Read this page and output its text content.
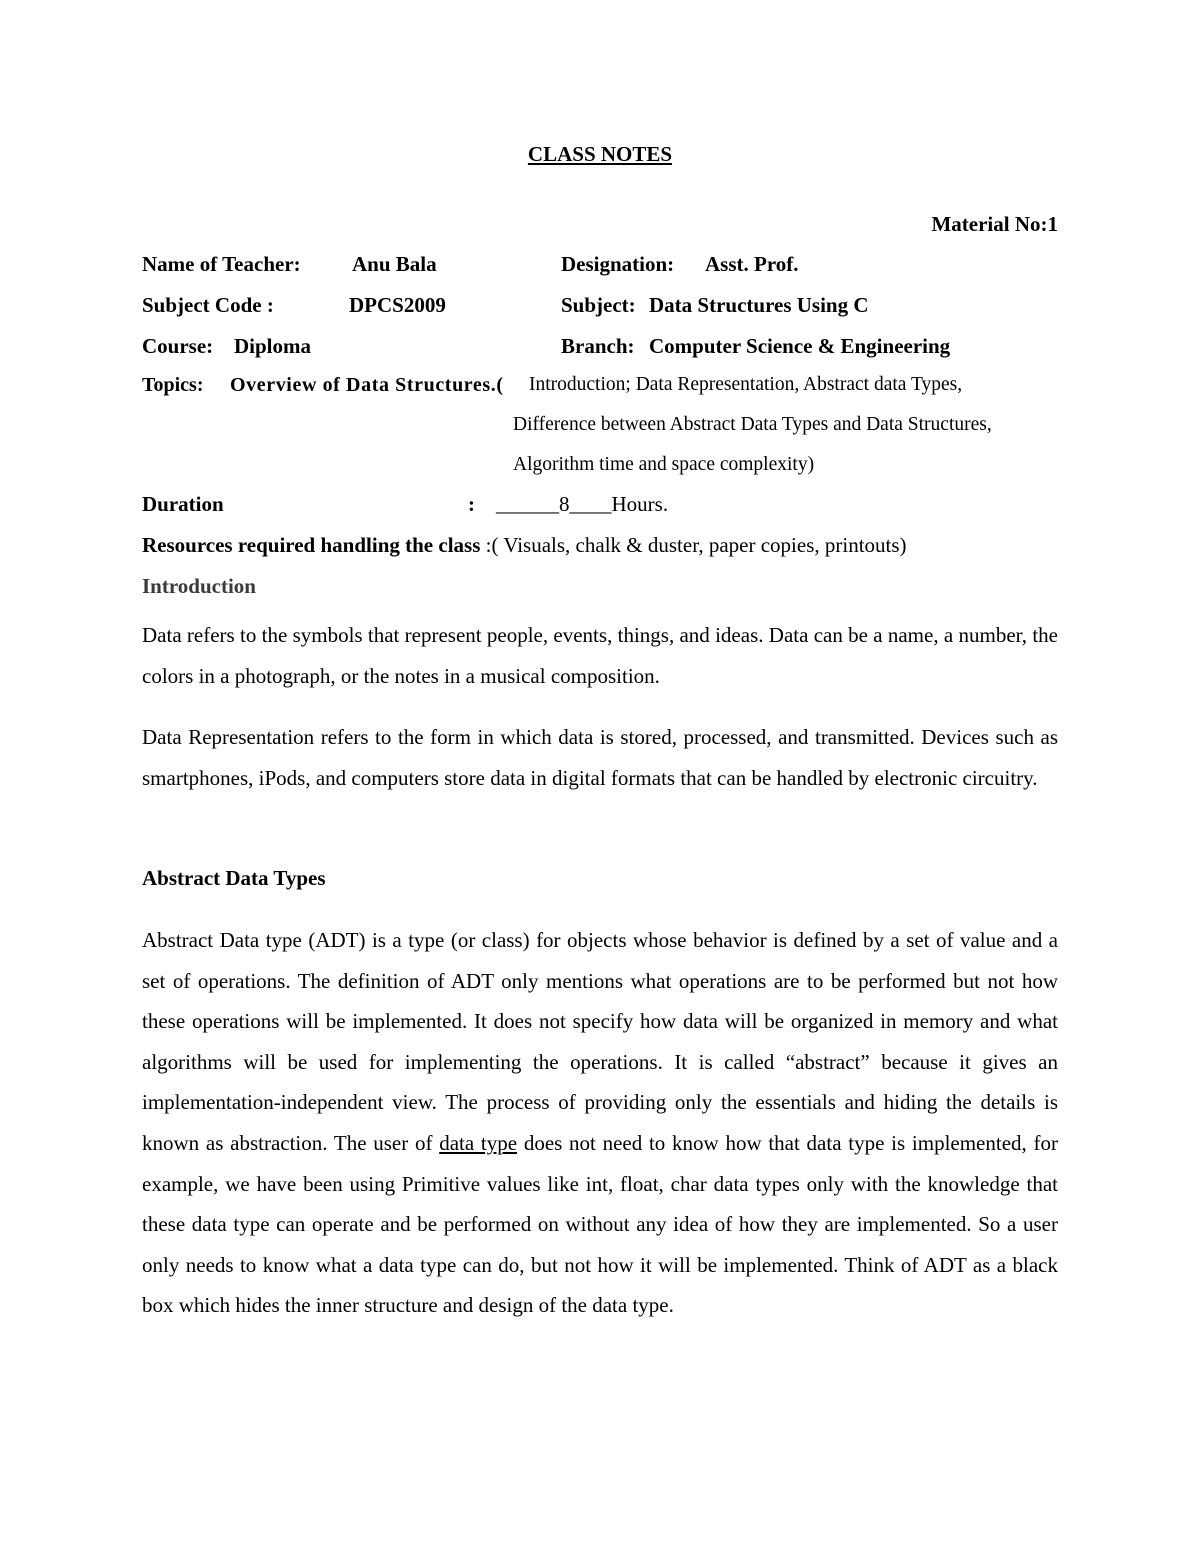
CLASS NOTES
Material No:1
Name of Teacher: Anu Bala	Designation: Asst. Prof.
Subject Code :	DPCS2009	Subject: Data Structures Using C
Course: Diploma	Branch: Computer Science & Engineering
Topics: Overview of Data Structures.( Introduction; Data Representation, Abstract data Types,
Difference between Abstract Data Types and Data Structures,
Algorithm time and space complexity)
Duration	: ______8____Hours.
Resources required handling the class :( Visuals, chalk & duster, paper copies, printouts)
Introduction
Data refers to the symbols that represent people, events, things, and ideas. Data can be a name, a number, the colors in a photograph, or the notes in a musical composition.
Data Representation refers to the form in which data is stored, processed, and transmitted. Devices such as smartphones, iPods, and computers store data in digital formats that can be handled by electronic circuitry.
Abstract Data Types
Abstract Data type (ADT) is a type (or class) for objects whose behavior is defined by a set of value and a set of operations. The definition of ADT only mentions what operations are to be performed but not how these operations will be implemented. It does not specify how data will be organized in memory and what algorithms will be used for implementing the operations. It is called “abstract” because it gives an implementation-independent view. The process of providing only the essentials and hiding the details is known as abstraction. The user of data type does not need to know how that data type is implemented, for example, we have been using Primitive values like int, float, char data types only with the knowledge that these data type can operate and be performed on without any idea of how they are implemented. So a user only needs to know what a data type can do, but not how it will be implemented. Think of ADT as a black box which hides the inner structure and design of the data type.
